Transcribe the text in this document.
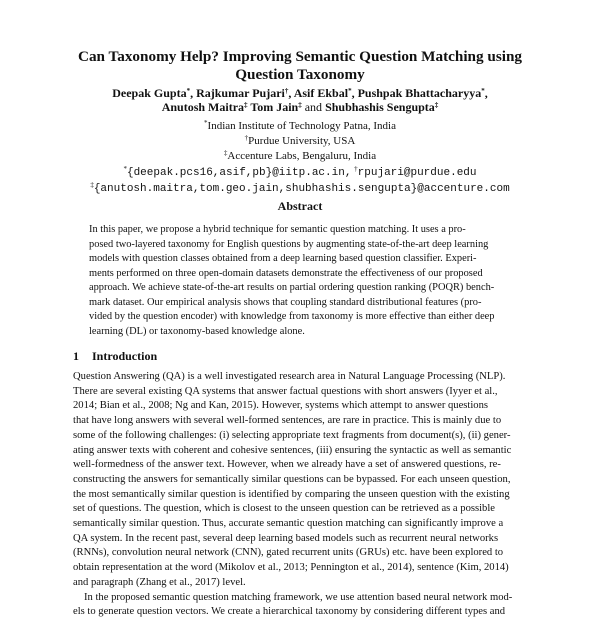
Can Taxonomy Help? Improving Semantic Question Matching using
Question Taxonomy
Deepak Gupta*, Rajkumar Pujari†, Asif Ekbal*, Pushpak Bhattacharyya*,
Anutosh Maitra‡ Tom Jain‡ and Shubhashis Sengupta‡
*Indian Institute of Technology Patna, India
†Purdue University, USA
‡Accenture Labs, Bengaluru, India
*{deepak.pcs16,asif,pb}@iitp.ac.in, †rpujari@purdue.edu
‡{anutosh.maitra,tom.geo.jain,shubhashis.sengupta}@accenture.com
Abstract
In this paper, we propose a hybrid technique for semantic question matching. It uses a pro-
posed two-layered taxonomy for English questions by augmenting state-of-the-art deep learning
models with question classes obtained from a deep learning based question classifier. Experi-
ments performed on three open-domain datasets demonstrate the effectiveness of our proposed
approach. We achieve state-of-the-art results on partial ordering question ranking (POQR) bench-
mark dataset. Our empirical analysis shows that coupling standard distributional features (pro-
vided by the question encoder) with knowledge from taxonomy is more effective than either deep
learning (DL) or taxonomy-based knowledge alone.
1 Introduction

Question Answering (QA) is a well investigated research area in Natural Language Processing (NLP).
There are several existing QA systems that answer factual questions with short answers (Iyyer et al.,
2014; Bian et al., 2008; Ng and Kan, 2015). However, systems which attempt to answer questions
that have long answers with several well-formed sentences, are rare in practice. This is mainly due to
some of the following challenges: (i) selecting appropriate text fragments from document(s), (ii) gener-
ating answer texts with coherent and cohesive sentences, (iii) ensuring the syntactic as well as semantic
well-formedness of the answer text. However, when we already have a set of answered questions, re-
constructing the answers for semantically similar questions can be bypassed. For each unseen question,
the most semantically similar question is identified by comparing the unseen question with the existing
set of questions. The question, which is closest to the unseen question can be retrieved as a possible
semantically similar question. Thus, accurate semantic question matching can significantly improve a
QA system. In the recent past, several deep learning based models such as recurrent neural networks
(RNNs), convolution neural network (CNN), gated recurrent units (GRUs) etc. have been explored to
obtain representation at the word (Mikolov et al., 2013; Pennington et al., 2014), sentence (Kim, 2014)
and paragraph (Zhang et al., 2017) level.

In the proposed semantic question matching framework, we use attention based neural network mod-
els to generate question vectors. We create a hierarchical taxonomy by considering different types and
